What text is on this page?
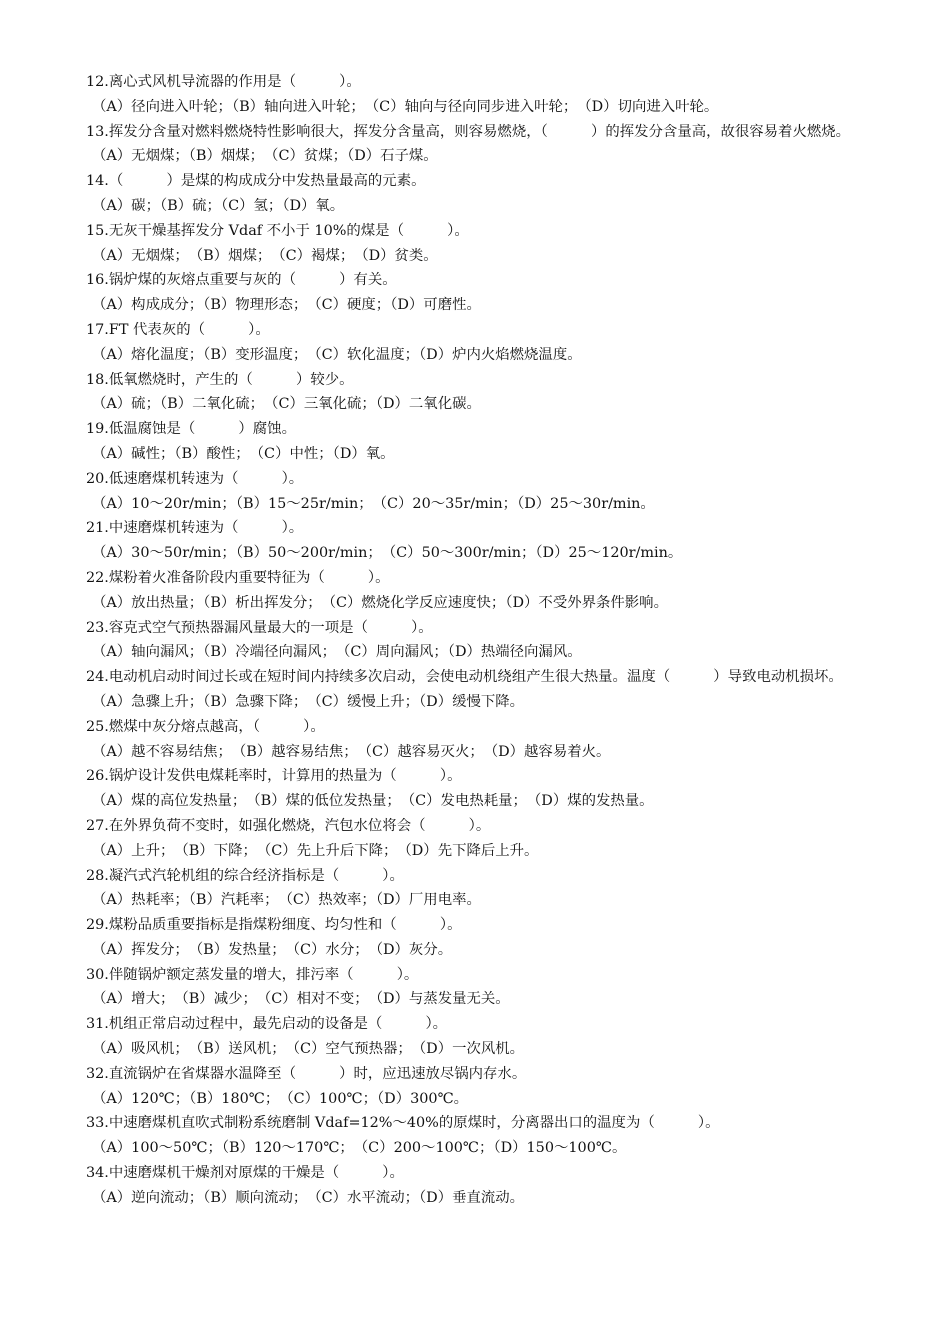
12.离心式风机导流器的作用是（　　　）。
（A）径向进入叶轮；（B）轴向进入叶轮；　（C）轴向与径向同步进入叶轮；　（D）切向进入叶轮。
13.挥发分含量对燃料燃烧特性影响很大，挥发分含量高，则容易燃烧，（　　　）的挥发分含量高，故很容易着火燃烧。
（A）无烟煤；（B）烟煤；　（C）贫煤；（D）石子煤。
14.（　　　）是煤的构成成分中发热量最高的元素。
（A）碳；（B）硫；（C）氢；（D）氧。
15.无灰干燥基挥发分 Vdaf 不小于 10%的煤是（　　　）。
（A）无烟煤；　（B）烟煤；　（C）褐煤；　（D）贫类。
16.锅炉煤的灰熔点重要与灰的（　　　）有关。
（A）构成成分；（B）物理形态；　（C）硬度；（D）可磨性。
17.FT 代表灰的（　　　）。
（A）熔化温度；（B）变形温度；　（C）软化温度；（D）炉内火焰燃烧温度。
18.低氧燃烧时，产生的（　　　）较少。
（A）硫；（B）二氧化硫；　（C）三氧化硫；（D）二氧化碳。
19.低温腐蚀是（　　　）腐蚀。
（A）碱性；（B）酸性；　（C）中性；（D）氧。
20.低速磨煤机转速为（　　　）。
（A）10～20r/min；（B）15～25r/min；　（C）20～35r/min；（D）25～30r/min。
21.中速磨煤机转速为（　　　）。
（A）30～50r/min；（B）50～200r/min；　（C）50～300r/min；（D）25～120r/min。
22.煤粉着火准备阶段内重要特征为（　　　）。
（A）放出热量；（B）析出挥发分；　（C）燃烧化学反应速度快；（D）不受外界条件影响。
23.容克式空气预热器漏风量最大的一项是（　　　）。
（A）轴向漏风；（B）冷端径向漏风；　（C）周向漏风；（D）热端径向漏风。
24.电动机启动时间过长或在短时间内持续多次启动，会使电动机绕组产生很大热量。温度（　　　）导致电动机损坏。
（A）急骤上升；（B）急骤下降；　（C）缓慢上升；（D）缓慢下降。
25.燃煤中灰分熔点越高，（　　　）。
（A）越不容易结焦；　（B）越容易结焦；　（C）越容易灭火；　（D）越容易着火。
26.锅炉设计发供电煤耗率时，计算用的热量为（　　　）。
（A）煤的高位发热量；　（B）煤的低位发热量；　（C）发电热耗量；　（D）煤的发热量。
27.在外界负荷不变时，如强化燃烧，汽包水位将会（　　　）。
（A）上升；　（B）下降；　（C）先上升后下降；　（D）先下降后上升。
28.凝汽式汽轮机组的综合经济指标是（　　　）。
（A）热耗率；（B）汽耗率；　（C）热效率；（D）厂用电率。
29.煤粉品质重要指标是指煤粉细度、均匀性和（　　　）。
（A）挥发分；　（B）发热量；　（C）水分；　（D）灰分。
30.伴随锅炉额定蒸发量的增大，排污率（　　　）。
（A）增大；　（B）减少；　（C）相对不变；　（D）与蒸发量无关。
31.机组正常启动过程中，最先启动的设备是（　　　）。
（A）吸风机；　（B）送风机；　（C）空气预热器；　（D）一次风机。
32.直流锅炉在省煤器水温降至（　　　）时，应迅速放尽锅内存水。
（A）120℃；（B）180℃；　（C）100℃；（D）300℃。
33.中速磨煤机直吹式制粉系统磨制 Vdaf=12%～40%的原煤时，分离器出口的温度为（　　　）。
（A）100～50℃；（B）120～170℃；　（C）200～100℃；（D）150～100℃。
34.中速磨煤机干燥剂对原煤的干燥是（　　　）。
（A）逆向流动；（B）顺向流动；　（C）水平流动；（D）垂直流动。
